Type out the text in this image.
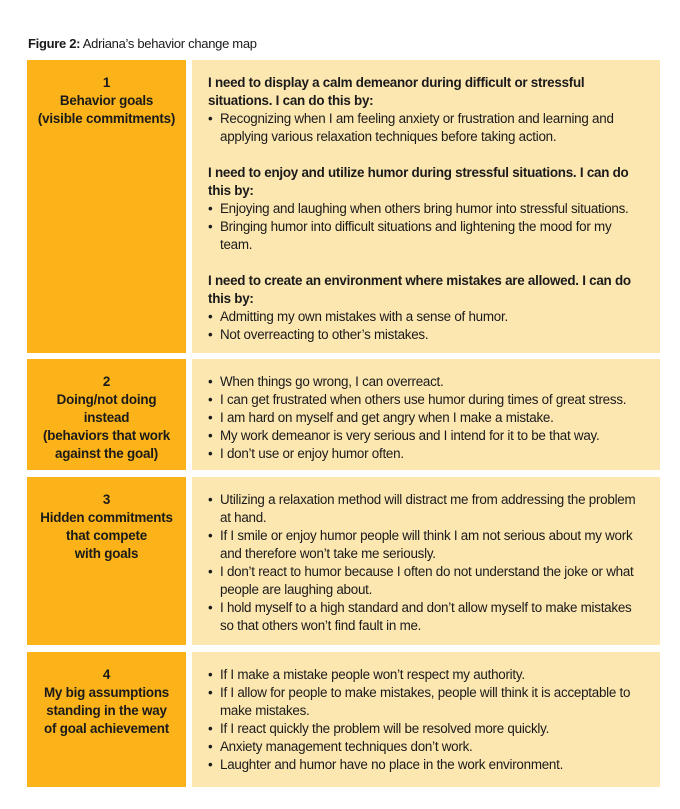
Figure 2: Adriana’s behavior change map
1
Behavior goals
(visible commitments)
I need to display a calm demeanor during difficult or stressful situations. I can do this by:
• Recognizing when I am feeling anxiety or frustration and learning and applying various relaxation techniques before taking action.
I need to enjoy and utilize humor during stressful situations. I can do this by:
• Enjoying and laughing when others bring humor into stressful situations.
• Bringing humor into difficult situations and lightening the mood for my team.
I need to create an environment where mistakes are allowed. I can do this by:
• Admitting my own mistakes with a sense of humor.
• Not overreacting to other’s mistakes.
2
Doing/not doing
instead
(behaviors that work
against the goal)
• When things go wrong, I can overreact.
• I can get frustrated when others use humor during times of great stress.
• I am hard on myself and get angry when I make a mistake.
• My work demeanor is very serious and I intend for it to be that way.
• I don’t use or enjoy humor often.
3
Hidden commitments
that compete
with goals
• Utilizing a relaxation method will distract me from addressing the problem at hand.
• If I smile or enjoy humor people will think I am not serious about my work and therefore won’t take me seriously.
• I don’t react to humor because I often do not understand the joke or what people are laughing about.
• I hold myself to a high standard and don’t allow myself to make mistakes so that others won’t find fault in me.
4
My big assumptions
standing in the way
of goal achievement
• If I make a mistake people won’t respect my authority.
• If I allow for people to make mistakes, people will think it is acceptable to make mistakes.
• If I react quickly the problem will be resolved more quickly.
• Anxiety management techniques don’t work.
• Laughter and humor have no place in the work environment.
